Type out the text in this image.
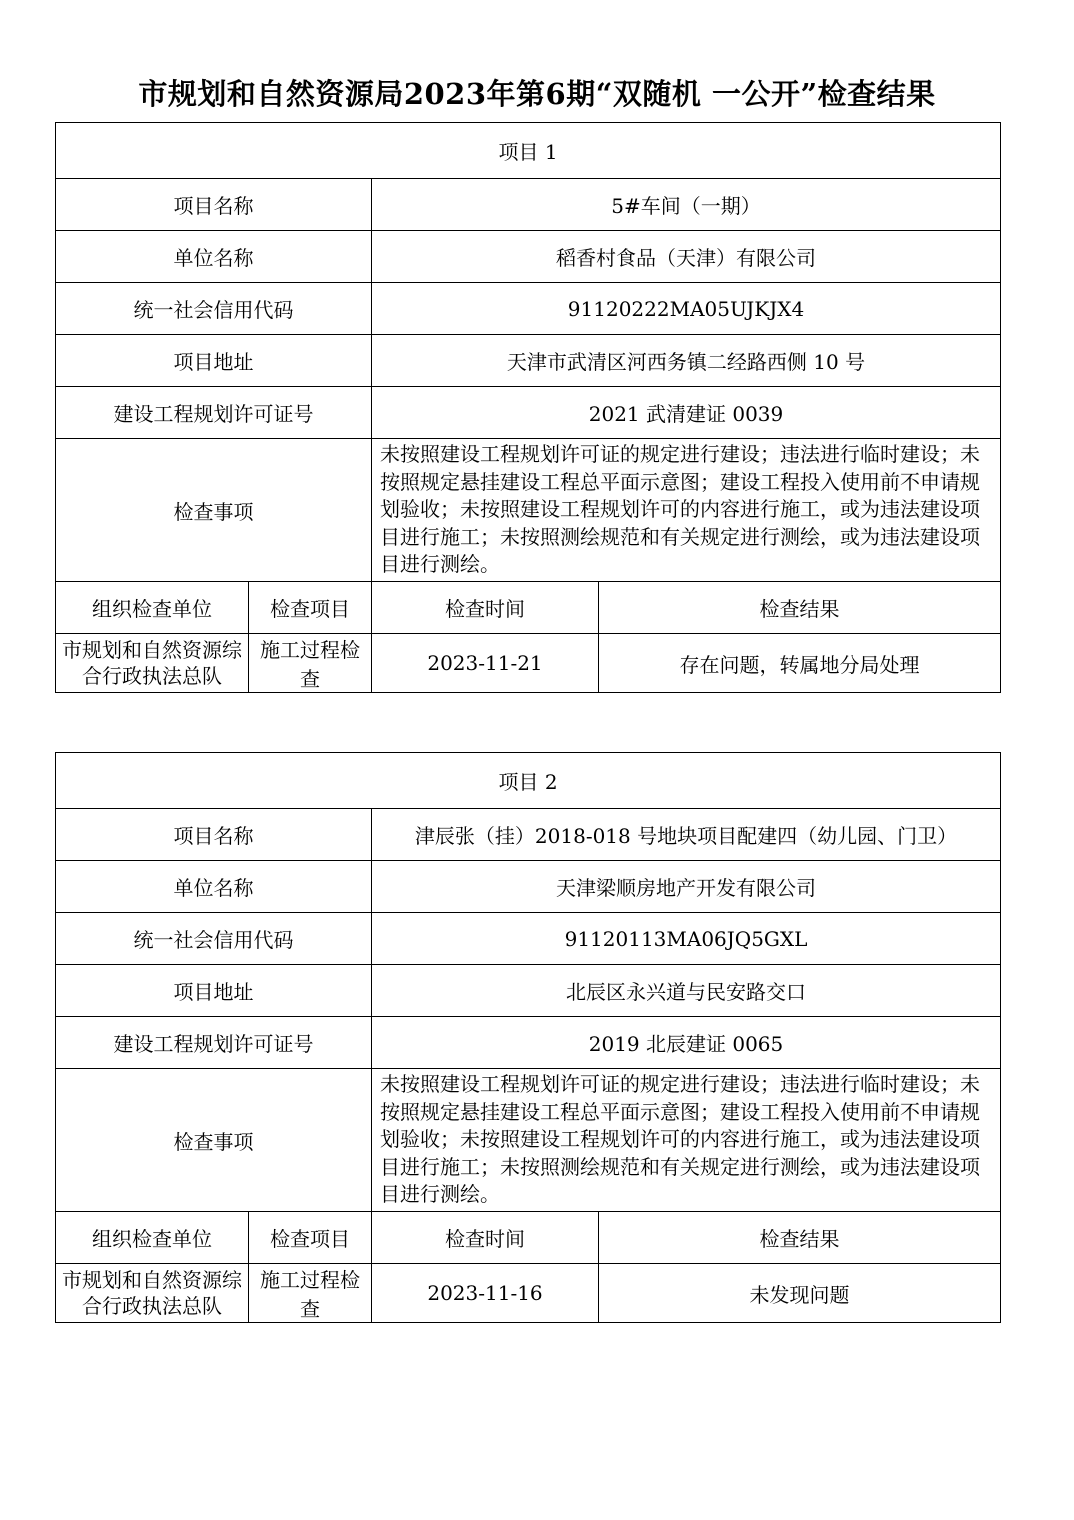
市规划和自然资源局2023年第6期“双随机 一公开”检查结果
项目 1			
项目名称		5#车间（一期）	
单位名称		稻香村食品（天津）有限公司	
统一社会信用代码		91120222MA05UJKJX4	
项目地址		天津市武清区河西务镇二经路西侧 10 号	
建设工程规划许可证号		2021 武清建证 0039	
检查事项		未按照建设工程规划许可证的规定进行建设；违法进行临时建设；未按照规定悬挂建设工程总平面示意图；建设工程投入使用前不申请规划验收；未按照建设工程规划许可的内容进行施工，或为违法建设项目进行施工；未按照测绘规范和有关规定进行测绘，或为违法建设项目进行测绘。	
组织检查单位	检查项目	检查时间	检查结果
市规划和自然资源综合行政执法总队	施工过程检查	2023-11-21	存在问题，转属地分局处理
项目 2			
项目名称		津辰张（挂）2018-018 号地块项目配建四（幼儿园、门卫）	
单位名称		天津梁顺房地产开发有限公司	
统一社会信用代码		91120113MA06JQ5GXL	
项目地址		北辰区永兴道与民安路交口	
建设工程规划许可证号		2019 北辰建证 0065	
检查事项		未按照建设工程规划许可证的规定进行建设；违法进行临时建设；未按照规定悬挂建设工程总平面示意图；建设工程投入使用前不申请规划验收；未按照建设工程规划许可的内容进行施工，或为违法建设项目进行施工；未按照测绘规范和有关规定进行测绘，或为违法建设项目进行测绘。	
组织检查单位	检查项目	检查时间	检查结果
市规划和自然资源综合行政执法总队	施工过程检查	2023-11-16	未发现问题
